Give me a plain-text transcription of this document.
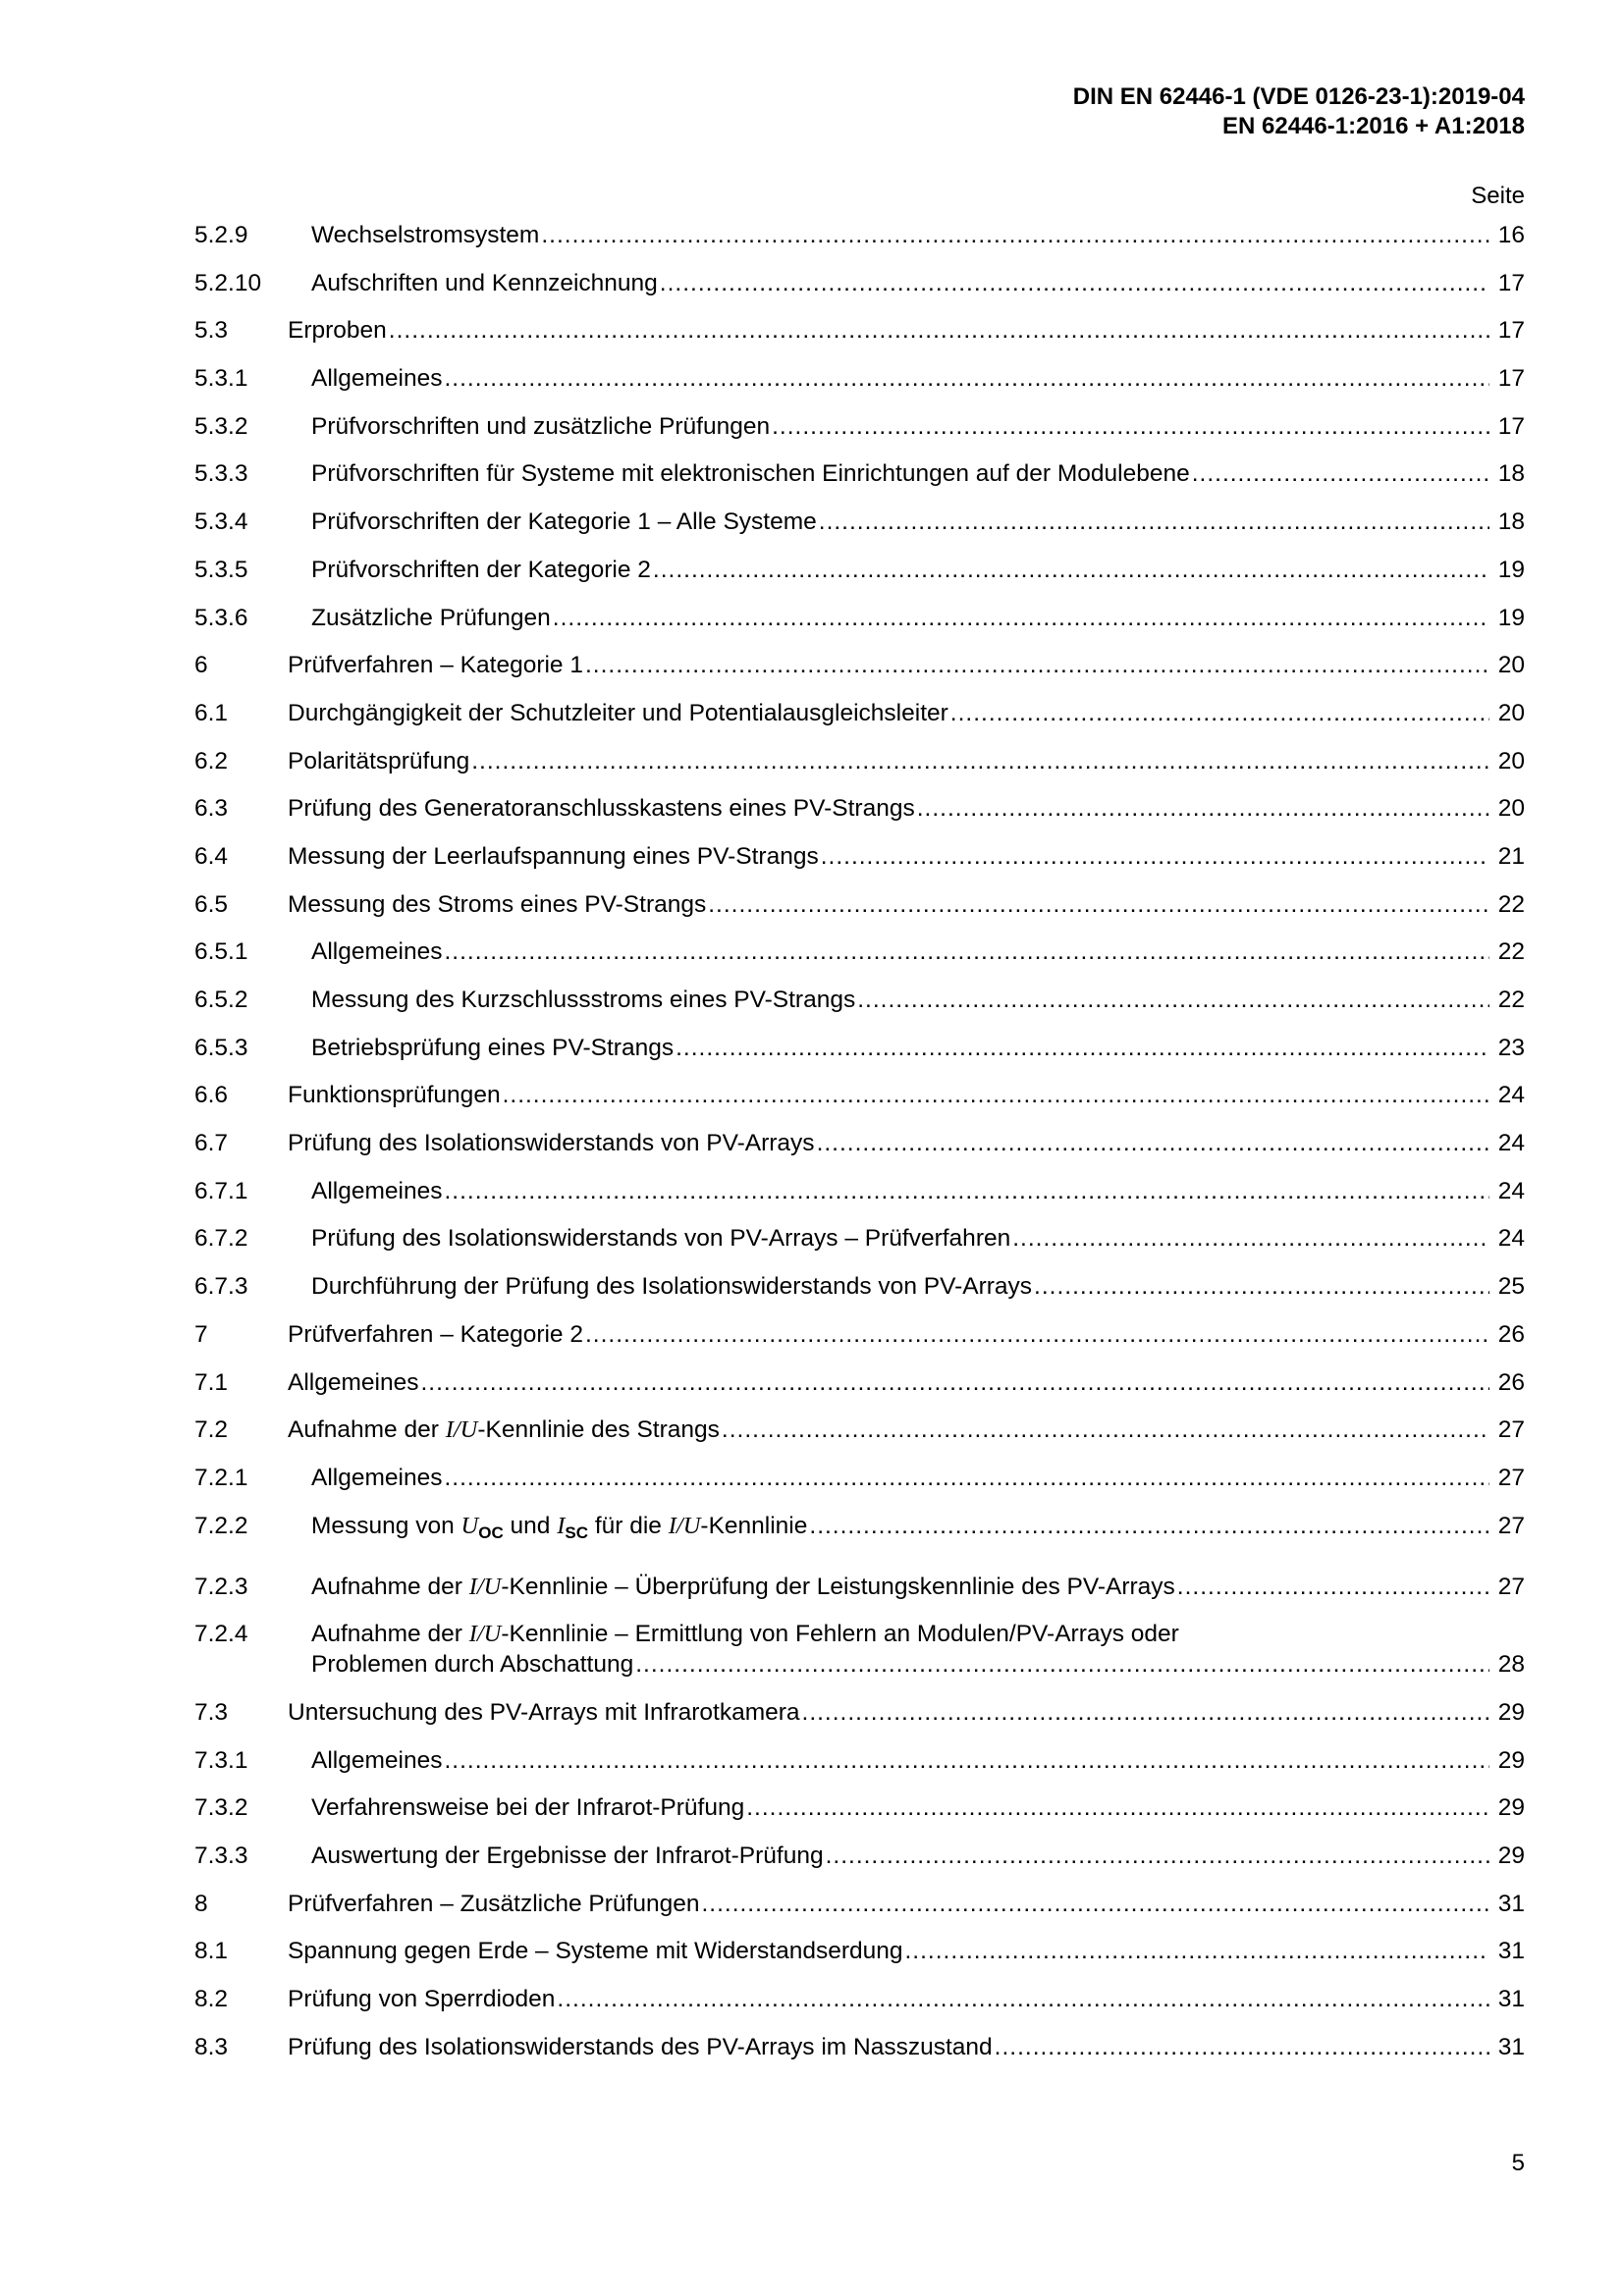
DIN EN 62446-1 (VDE 0126-23-1):2019-04
EN 62446-1:2016 + A1:2018
Seite
5.2.9	Wechselstromsystem .....	16
5.2.10	Aufschriften und Kennzeichnung .....	17
5.3	Erproben .....	17
5.3.1	Allgemeines .....	17
5.3.2	Prüfvorschriften und zusätzliche Prüfungen .....	17
5.3.3	Prüfvorschriften für Systeme mit elektronischen Einrichtungen auf der Modulebene .....	18
5.3.4	Prüfvorschriften der Kategorie 1 – Alle Systeme .....	18
5.3.5	Prüfvorschriften der Kategorie 2 .....	19
5.3.6	Zusätzliche Prüfungen .....	19
6	Prüfverfahren – Kategorie 1 .....	20
6.1	Durchgängigkeit der Schutzleiter und Potentialausgleichsleiter .....	20
6.2	Polaritätsprüfung .....	20
6.3	Prüfung des Generatoranschlusskastens eines PV-Strangs .....	20
6.4	Messung der Leerlaufspannung eines PV-Strangs .....	21
6.5	Messung des Stroms eines PV-Strangs .....	22
6.5.1	Allgemeines .....	22
6.5.2	Messung des Kurzschlussstroms eines PV-Strangs .....	22
6.5.3	Betriebsprüfung eines PV-Strangs .....	23
6.6	Funktionsprüfungen .....	24
6.7	Prüfung des Isolationswiderstands von PV-Arrays .....	24
6.7.1	Allgemeines .....	24
6.7.2	Prüfung des Isolationswiderstands von PV-Arrays – Prüfverfahren .....	24
6.7.3	Durchführung der Prüfung des Isolationswiderstands von PV-Arrays .....	25
7	Prüfverfahren – Kategorie 2 .....	26
7.1	Allgemeines .....	26
7.2	Aufnahme der I/U-Kennlinie des Strangs .....	27
7.2.1	Allgemeines .....	27
7.2.2	Messung von $U_{OC}$ und $I_{SC}$ für die I/U-Kennlinie .....	27
7.2.3	Aufnahme der I/U-Kennlinie – Überprüfung der Leistungskennlinie des PV-Arrays .....	27
7.2.4	Aufnahme der I/U-Kennlinie – Ermittlung von Fehlern an Modulen/PV-Arrays oder
Problemen durch Abschattung .....	28
7.3	Untersuchung des PV-Arrays mit Infrarotkamera .....	29
7.3.1	Allgemeines .....	29
7.3.2	Verfahrensweise bei der Infrarot-Prüfung .....	29
7.3.3	Auswertung der Ergebnisse der Infrarot-Prüfung .....	29
8	Prüfverfahren – Zusätzliche Prüfungen .....	31
8.1	Spannung gegen Erde – Systeme mit Widerstandserdung .....	31
8.2	Prüfung von Sperrdioden .....	31
8.3	Prüfung des Isolationswiderstands des PV-Arrays im Nasszustand .....	31
5
